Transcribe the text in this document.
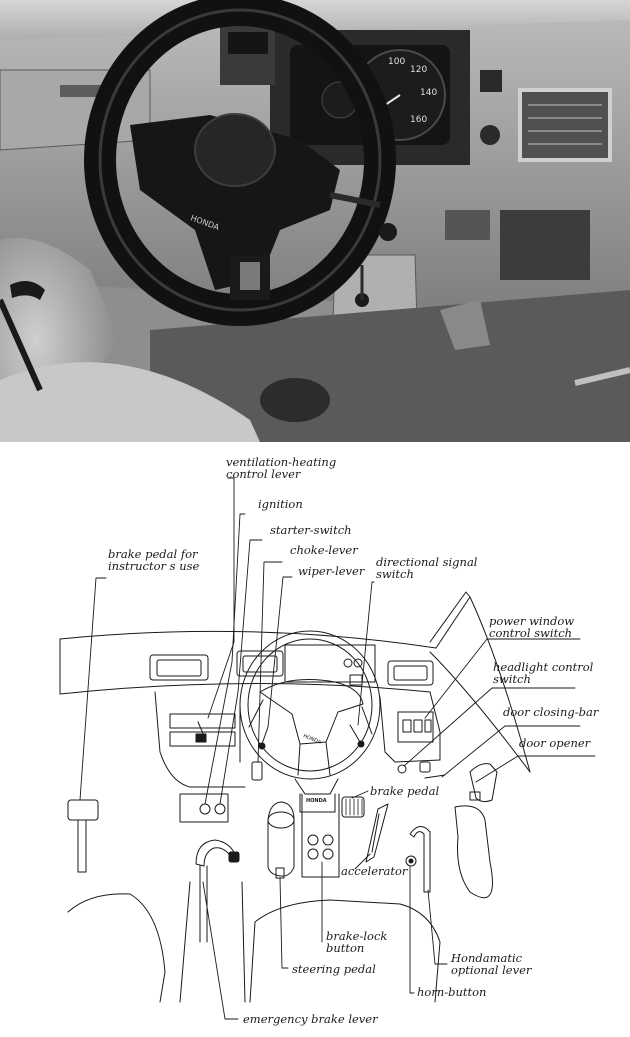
100
120
140
160
HONDA
HONDA
HONDA
ventilation-heating
control lever
ignition
starter-switch
choke-lever
wiper-lever
directional signal
switch
brake pedal for
instructor s use
power window
control switch
headlight control
switch
door closing-bar
door opener
brake pedal
accelerator
brake-lock
button
Hondamatic
optional lever
steering pedal
horn-button
emergency brake lever
